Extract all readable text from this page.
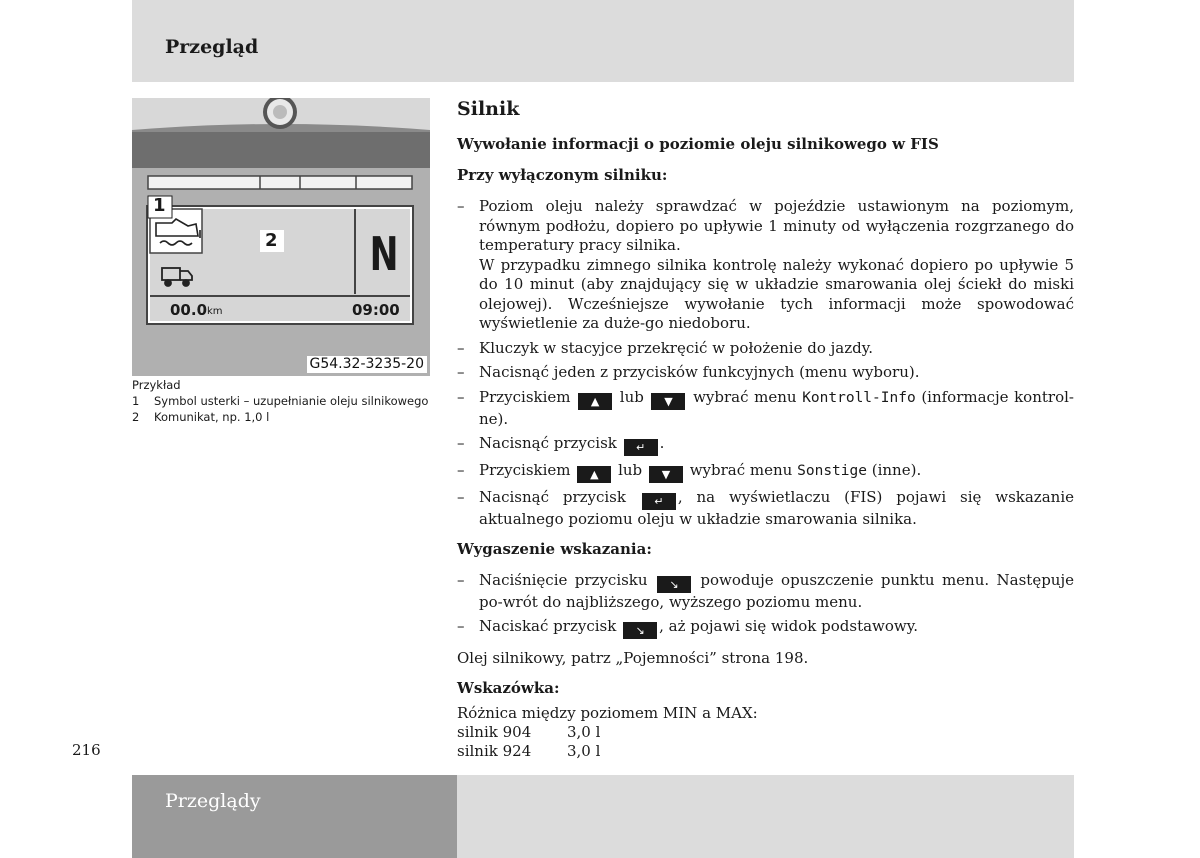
Przegląd
1
2 N
00.0 km	09:00
G54.32-3235-20
Przykład
1	Symbol usterki – uzupełnianie oleju silnikowego
2	Komunikat, np. 1,0 l
Silnik
Wywołanie informacji o poziomie oleju silnikowego w FIS
Przy wyłączonym silniku:
– Poziom oleju należy sprawdzać w pojeździe ustawionym na poziomym, równym podłożu, dopiero po upływie 1 minuty od wyłączenia rozgrzanego do temperatury pracy silnika.
W przypadku zimnego silnika kontrolę należy wykonać dopiero po upływie 5 do 10 minut (aby znajdujący się w układzie smarowania olej ściekł do miski olejowej). Wcześniejsze wywołanie tych informacji może spowodować wyświetlenie za duże-go niedoboru.
– Kluczyk w stacyjce przekręcić w położenie do jazdy.
– Nacisnąć jeden z przycisków funkcyjnych (menu wyboru).
– Przyciskiem ▲ lub ▼ wybrać menu Kontroll-Info (informacje kontrol-ne).
– Nacisnąć przycisk ↵ .
– Przyciskiem ▲ lub ▼ wybrać menu Sonstige (inne).
– Nacisnąć przycisk	↵ , na wyświetlaczu (FIS) pojawi się wskazanie aktualnego poziomu oleju w układzie smarowania silnika.
Wygaszenie wskazania:
– Naciśnięcie przycisku ↘ powoduje opuszczenie punktu menu. Następuje po-wrót do najbliższego, wyższego poziomu menu.
– Naciskać przycisk ↘ , aż pojawi się widok podstawowy.

Olej silnikowy, patrz „Pojemności” strona 198.

Wskazówka:
Różnica między poziomem MIN a MAX:
silnik 904	3,0 l
silnik 924	3,0 l
216
Przeglądy
